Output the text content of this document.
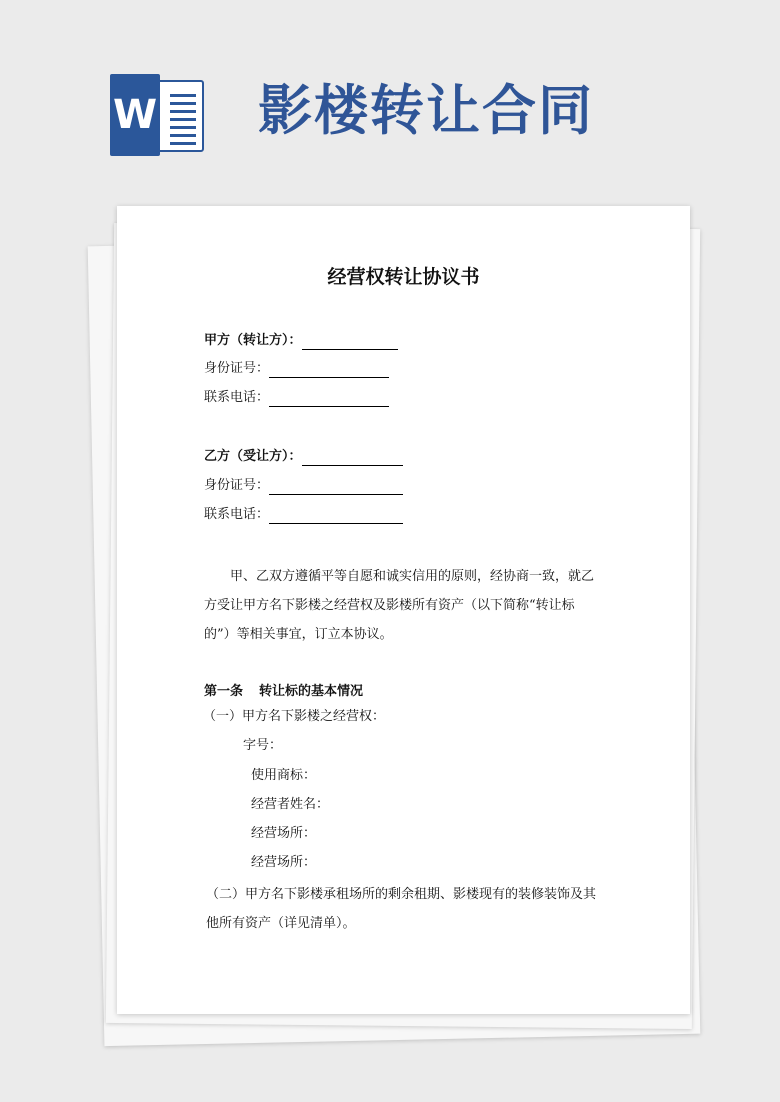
W 影楼转让合同
经营权转让协议书
甲方（转让方）：
身份证号：
联系电话：
乙方（受让方）：
身份证号：
联系电话：
甲、乙双方遵循平等自愿和诚实信用的原则，经协商一致，就乙
方受让甲方名下影楼之经营权及影楼所有资产（以下简称“转让标
的”）等相关事宜，订立本协议。
第一条 转让标的基本情况
（一）甲方名下影楼之经营权：
字号：
使用商标：
经营者姓名：
经营场所：
经营场所：
（二）甲方名下影楼承租场所的剩余租期、影楼现有的装修装饰及其
他所有资产（详见清单）。
